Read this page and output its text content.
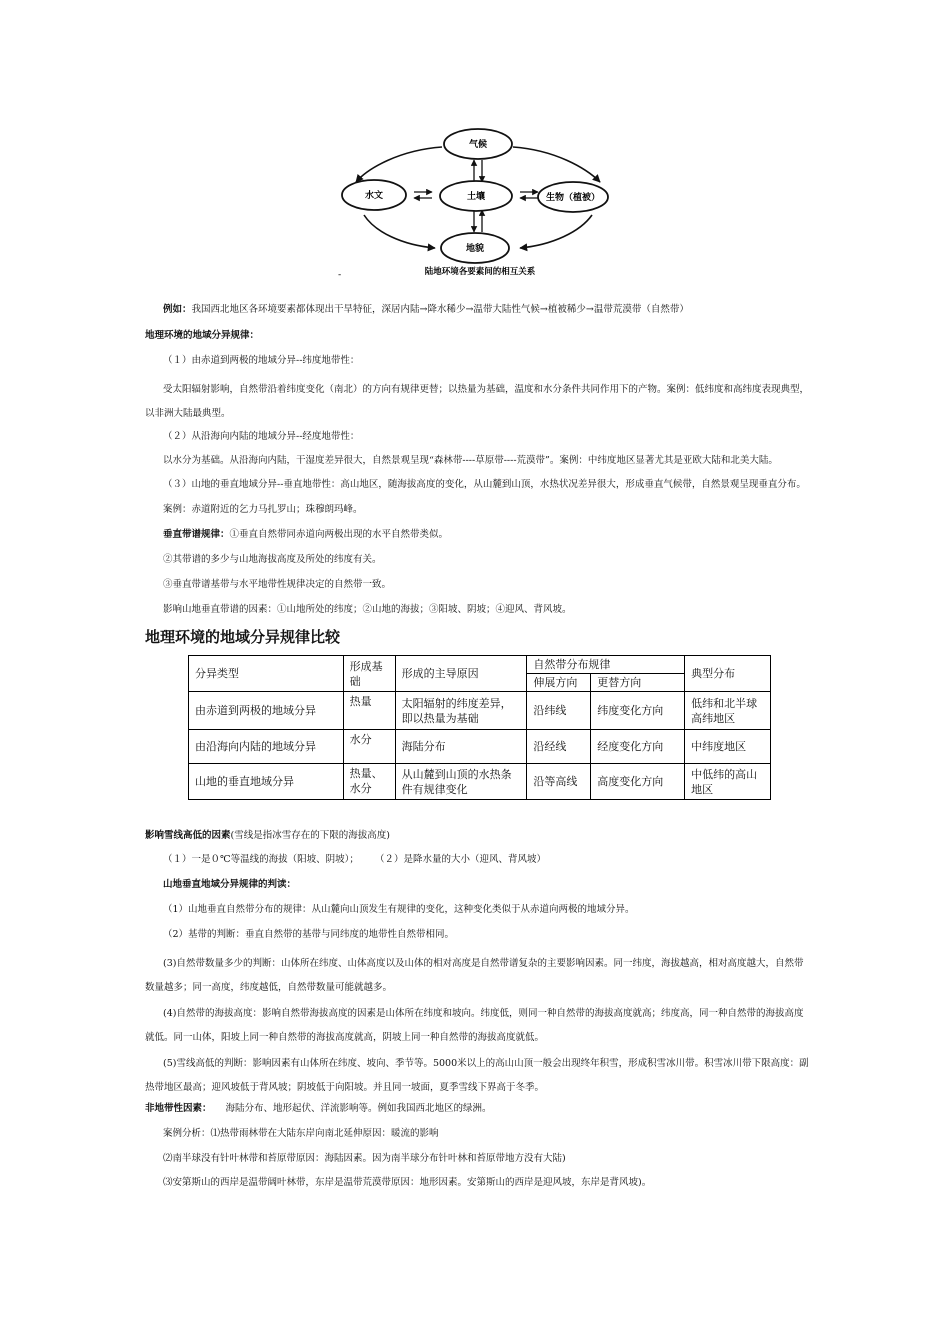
气候
水文	土壤	生物（植被）
地貌
-	陆地环境各要素间的相互关系
例如：我国西北地区各环境要素都体现出干旱特征，深居内陆→降水稀少→温带大陆性气候→植被稀少→温带荒漠带（自然带）
地理环境的地域分异规律：
（１）由赤道到两极的地域分异--纬度地带性：
受太阳辐射影响，自然带沿着纬度变化（南北）的方向有规律更替；以热量为基础，温度和水分条件共同作用下的产物。案例：低纬度和高纬度表现典型，以非洲大陆最典型。
（２）从沿海向内陆的地域分异--经度地带性：
以水分为基础。从沿海向内陆，干湿度差异很大，自然景观呈现“森林带----草原带----荒漠带”。案例：中纬度地区显著尤其是亚欧大陆和北美大陆。
（３）山地的垂直地域分异--垂直地带性：高山地区，随海拔高度的变化，从山麓到山顶，水热状况差异很大，形成垂直气候带，自然景观呈现垂直分布。
案例：赤道附近的乞力马扎罗山；珠穆朗玛峰。
垂直带谱规律：①垂直自然带同赤道向两极出现的水平自然带类似。
②其带谱的多少与山地海拔高度及所处的纬度有关。
③垂直带谱基带与水平地带性规律决定的自然带一致。
影响山地垂直带谱的因素：①山地所处的纬度；②山地的海拔；③阳坡、阴坡；④迎风、背风坡。
地理环境的地域分异规律比较
分异类型	形成基础	形成的主导原因	自然带分布规律		典型分布
			伸展方向	更替方向	
由赤道到两极的地域分异	热量	太阳辐射的纬度差异，即以热量为基础	沿纬线	纬度变化方向	低纬和北半球高纬地区
由沿海向内陆的地域分异	水分	海陆分布	沿经线	经度变化方向	中纬度地区
山地的垂直地域分异	热量、水分	从山麓到山顶的水热条件有规律变化	沿等高线	高度变化方向	中低纬的高山地区
影响雪线高低的因素(雪线是指冰雪存在的下限的海拔高度)
（１）一是０℃等温线的海拔（阳坡、阴坡）； （２）是降水量的大小（迎风、背风坡）
山地垂直地域分异规律的判读：
（1）山地垂直自然带分布的规律：从山麓向山顶发生有规律的变化，这种变化类似于从赤道向两极的地域分异。
（2）基带的判断：垂直自然带的基带与同纬度的地带性自然带相同。
(3)自然带数量多少的判断：山体所在纬度、山体高度以及山体的相对高度是自然带谱复杂的主要影响因素。同一纬度，海拔越高，相对高度越大，自然带数量越多；同一高度，纬度越低，自然带数量可能就越多。
(4)自然带的海拔高度：影响自然带海拔高度的因素是山体所在纬度和坡向。纬度低，则同一种自然带的海拔高度就高；纬度高，同一种自然带的海拔高度就低。同一山体，阳坡上同一种自然带的海拔高度就高，阴坡上同一种自然带的海拔高度就低。
(5)雪线高低的判断：影响因素有山体所在纬度、坡向、季节等。5000米以上的高山山顶一般会出现终年积雪，形成积雪冰川带。积雪冰川带下限高度：副热带地区最高；迎风坡低于背风坡；阴坡低于向阳坡。并且同一坡面，夏季雪线下界高于冬季。
非地带性因素： 海陆分布、地形起伏、洋流影响等。例如我国西北地区的绿洲。
案例分析：⑴热带雨林带在大陆东岸向南北延伸原因：暖流的影响
⑵南半球没有针叶林带和苔原带原因：海陆因素。因为南半球分布针叶林和苔原带地方没有大陆)
⑶安第斯山的西岸是温带阔叶林带，东岸是温带荒漠带原因：地形因素。安第斯山的西岸是迎风坡，东岸是背风坡)。
